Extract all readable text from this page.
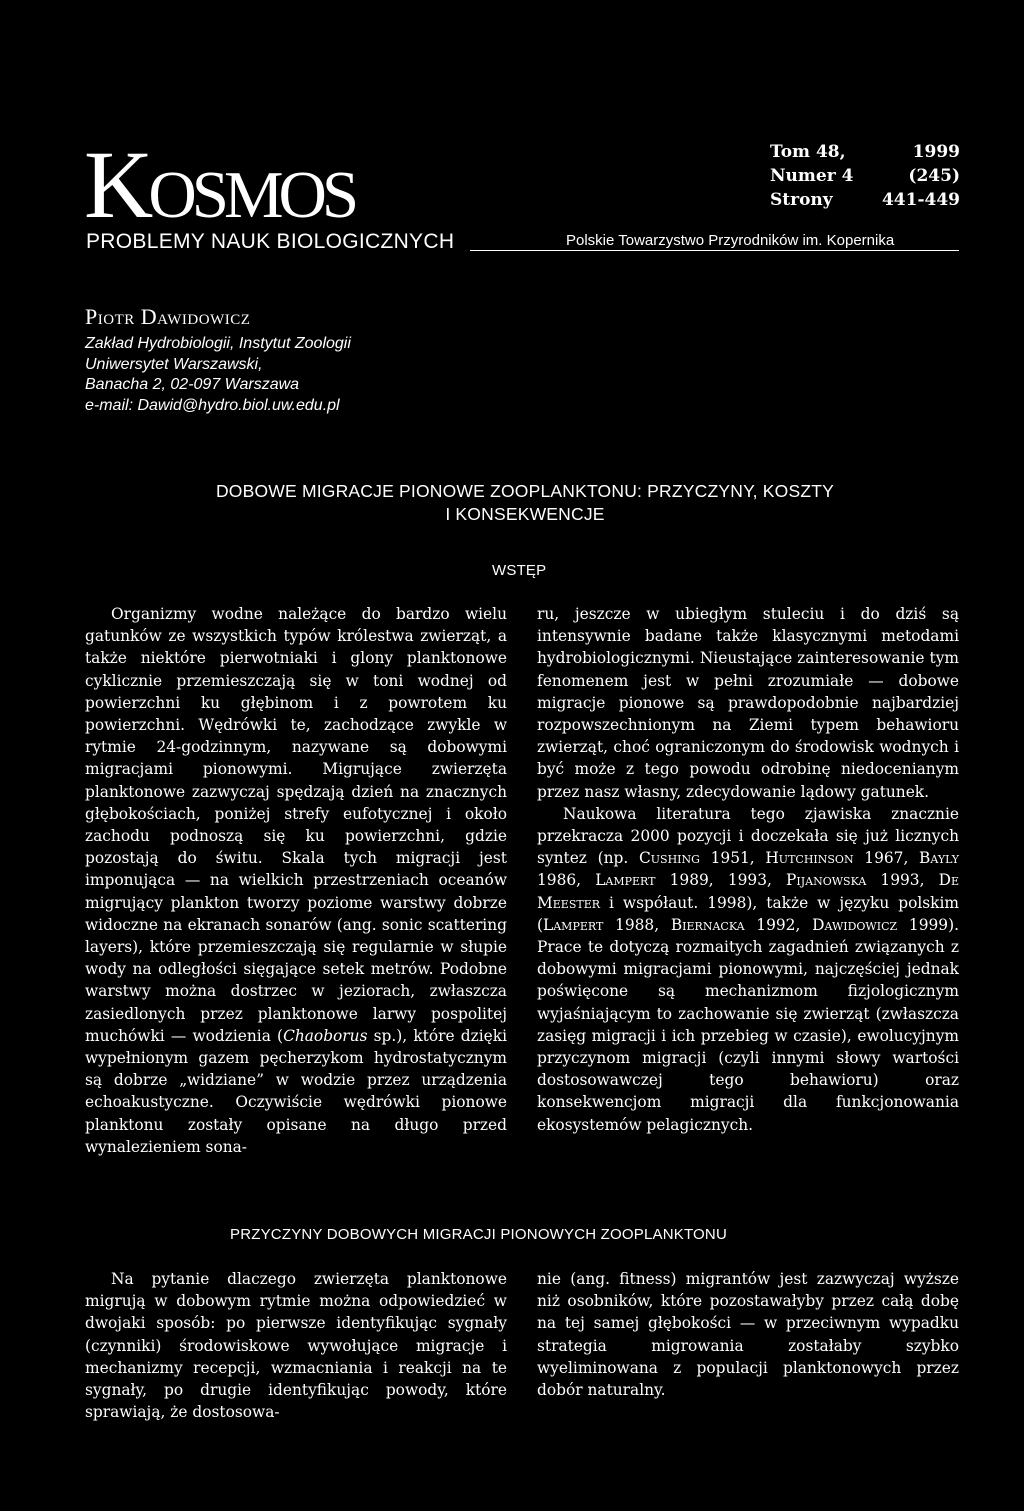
Kosmos
PROBLEMY NAUK BIOLOGICZNYCH	Polskie Towarzystwo Przyrodników im. Kopernika
Tom 48,	1999
Numer 4	(245)
Strony	441-449
Piotr Dawidowicz
Zakład Hydrobiologii, Instytut Zoologii
Uniwersytet Warszawski,
Banacha 2, 02-097 Warszawa
e-mail: Dawid@hydro.biol.uw.edu.pl
DOBOWE MIGRACJE PIONOWE ZOOPLANKTONU: PRZYCZYNY, KOSZTY
I KONSEKWENCJE
WSTĘP

Organizmy wodne należące do bardzo wielu gatunków ze wszystkich typów królestwa zwierząt, a także niektóre pierwotniaki i glony planktonowe cyklicznie przemieszczają się w toni wodnej od powierzchni ku głębinom i z powrotem ku powierzchni. Wędrówki te, zachodzące zwykle w rytmie 24-godzinnym, nazywane są dobowymi migracjami pionowymi. Migrujące zwierzęta planktonowe zazwyczaj spędzają dzień na znacznych głębokościach, poniżej strefy eufotycznej i około zachodu podnoszą się ku powierzchni, gdzie pozostają do świtu. Skala tych migracji jest imponująca — na wielkich przestrzeniach oceanów migrujący plankton tworzy poziome warstwy dobrze widoczne na ekranach sonarów (ang. sonic scattering layers), które przemieszczają się regularnie w słupie wody na odległości sięgające setek metrów. Podobne warstwy można dostrzec w jeziorach, zwłaszcza zasiedlonych przez planktonowe larwy pospolitej muchówki — wodzienia (Chaoborus sp.), które dzięki wypełnionym gazem pęcherzykom hydrostatycznym są dobrze „widziane” w wodzie przez urządzenia echoakustyczne. Oczywiście wędrówki pionowe planktonu zostały opisane na długo przed wynalezieniem sona-

ru, jeszcze w ubiegłym stuleciu i do dziś są intensywnie badane także klasycznymi metodami hydrobiologicznymi. Nieustające zainteresowanie tym fenomenem jest w pełni zrozumiałe — dobowe migracje pionowe są prawdopodobnie najbardziej rozpowszechnionym na Ziemi typem behawioru zwierząt, choć ograniczonym do środowisk wodnych i być może z tego powodu odrobinę niedocenianym przez nasz własny, zdecydowanie lądowy gatunek.

Naukowa literatura tego zjawiska znacznie przekracza 2000 pozycji i doczekała się już licznych syntez (np. Cushing 1951, Hutchinson 1967, Bayly 1986, Lampert 1989, 1993, Pijanowska 1993, De Meester i współaut. 1998), także w języku polskim (Lampert 1988, Biernacka 1992, Dawidowicz 1999). Prace te dotyczą rozmaitych zagadnień związanych z dobowymi migracjami pionowymi, najczęściej jednak poświęcone są mechanizmom fizjologicznym wyjaśniającym to zachowanie się zwierząt (zwłaszcza zasięg migracji i ich przebieg w czasie), ewolucyjnym przyczynom migracji (czyli innymi słowy wartości dostosowawczej tego behawioru) oraz konsekwencjom migracji dla funkcjonowania ekosystemów pelagicznych.

PRZYCZYNY DOBOWYCH MIGRACJI PIONOWYCH ZOOPLANKTONU

Na pytanie dlaczego zwierzęta planktonowe migrują w dobowym rytmie można odpowiedzieć w dwojaki sposób: po pierwsze identyfikując sygnały (czynniki) środowiskowe wywołujące migracje i mechanizmy recepcji, wzmacniania i reakcji na te sygnały, po drugie identyfikując powody, które sprawiają, że dostosowa-

nie (ang. fitness) migrantów jest zazwyczaj wyższe niż osobników, które pozostawałyby przez całą dobę na tej samej głębokości — w przeciwnym wypadku strategia migrowania zostałaby szybko wyeliminowana z populacji planktonowych przez dobór naturalny.
